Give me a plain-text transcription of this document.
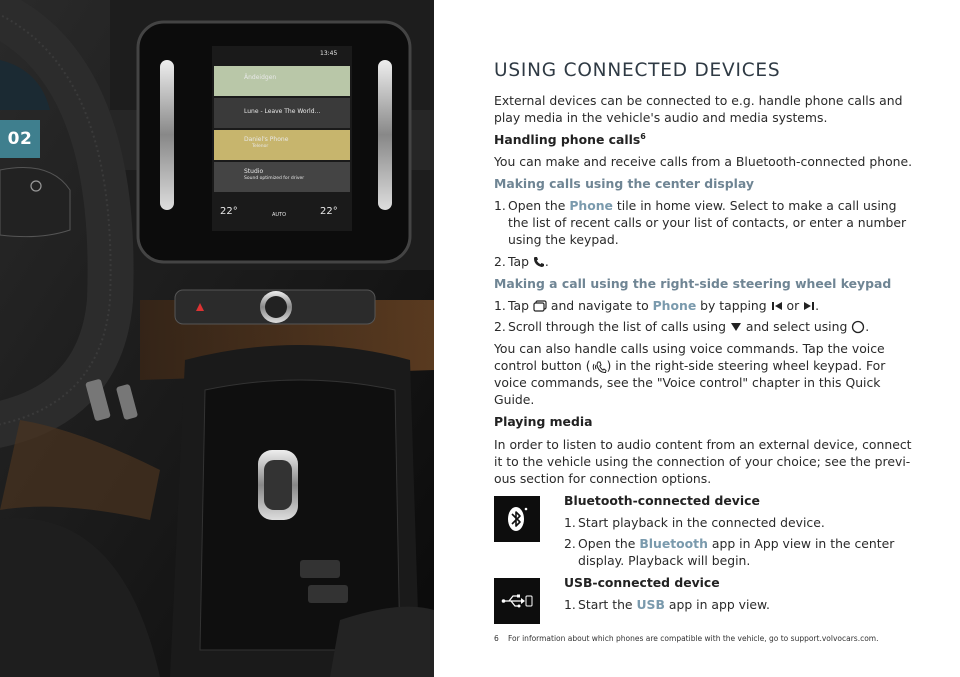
13:45
Ändeidgen
Lune - Leave The World...
Daniel's Phone
Telenor
Studio
Sound optimized for driver
22°	AUTO	22°
02
USING CONNECTED DEVICES

External devices can be connected to e.g. handle phone calls and play media in the vehicle's audio and media systems.

Handling phone calls$^6$

You can make and receive calls from a Bluetooth-connected phone.

Making calls using the center display
1. Open the Phone tile in home view. Select to make a call using the list of recent calls or your list of contacts, or enter a number using the keypad.
2. Tap .
Making a call using the right-side steering wheel keypad
1. Tap  and navigate to Phone by tapping  or .
2. Scroll through the list of calls using  and select using .

You can also handle calls using voice commands. Tap the voice control button ( ) in the right-side steering wheel keypad. For voice commands, see the "Voice control" chapter in this Quick Guide.

Playing media

In order to listen to audio content from an external device, connect it to the vehicle using the connection of your choice; see the previous section for connection options.

Bluetooth-connected device
1. Start playback in the connected device.
2. Open the Bluetooth app in App view in the center display. Playback will begin.
USB-connected device
1. Start the USB app in app view.
6 For information about which phones are compatible with the vehicle, go to support.volvocars.com.
